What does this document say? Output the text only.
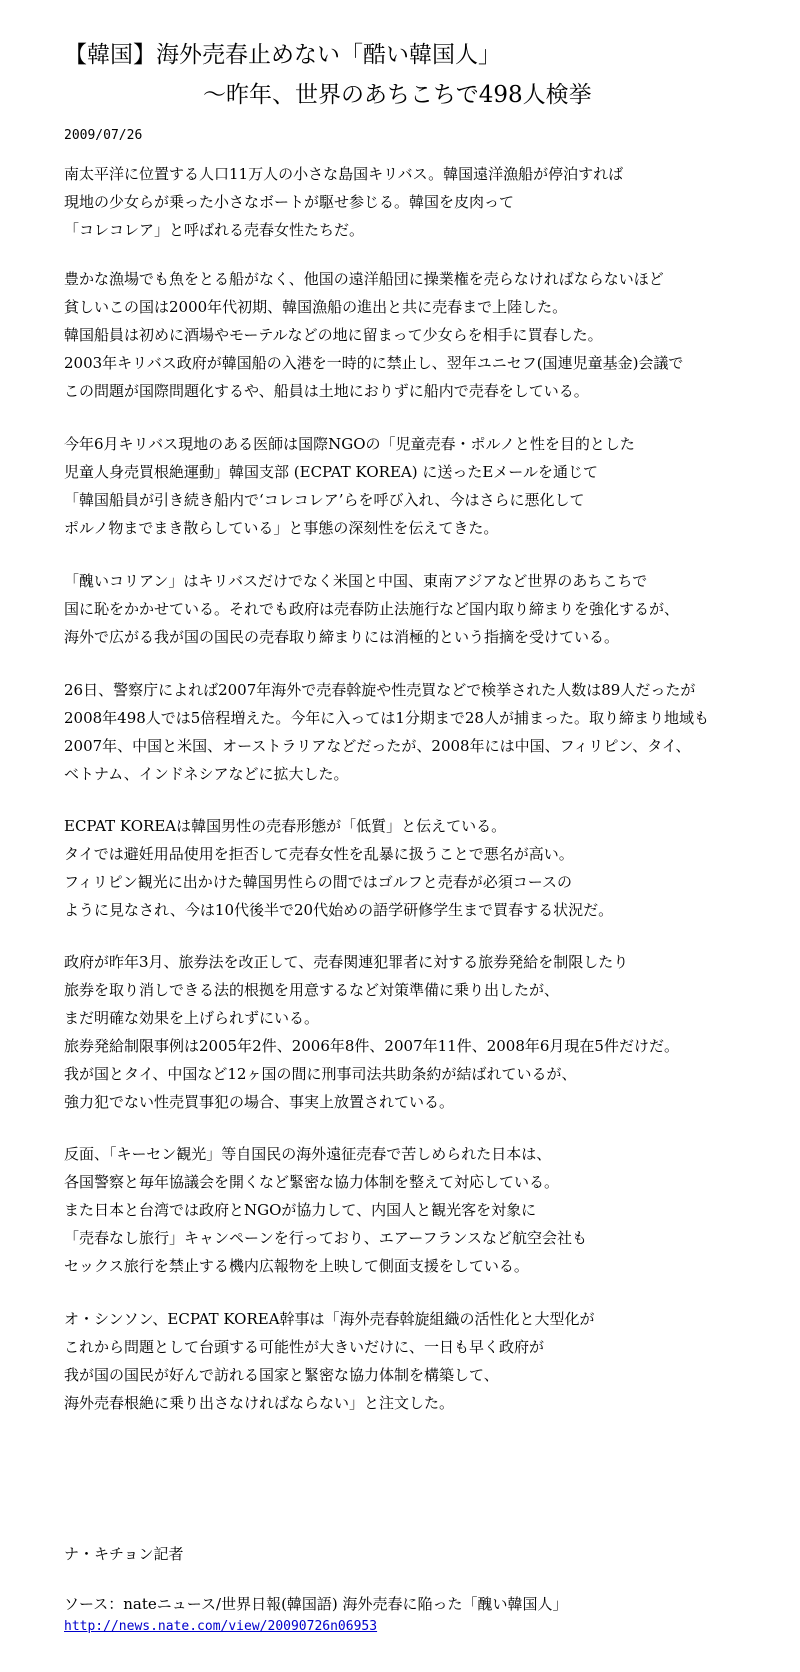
【韓国】海外売春止めない「酷い韓国人」
～昨年、世界のあちこちで498人検挙
2009/07/26
南太平洋に位置する人口11万人の小さな島国キリバス。韓国遠洋漁船が停泊すれば
現地の少女らが乗った小さなボートが駆せ参じる。韓国を皮肉って
「コレコレア」と呼ばれる売春女性たちだ。
豊かな漁場でも魚をとる船がなく、他国の遠洋船団に操業権を売らなければならないほど
貧しいこの国は2000年代初期、韓国漁船の進出と共に売春まで上陸した。
韓国船員は初めに酒場やモーテルなどの地に留まって少女らを相手に買春した。
2003年キリバス政府が韓国船の入港を一時的に禁止し、翌年ユニセフ(国連児童基金)会議で
この問題が国際問題化するや、船員は土地におりずに船内で売春をしている。
今年6月キリバス現地のある医師は国際NGOの「児童売春・ポルノと性を目的とした
児童人身売買根絶運動」韓国支部 (ECPAT KOREA) に送ったEメールを通じて
「韓国船員が引き続き船内で‘コレコレア’らを呼び入れ、今はさらに悪化して
ポルノ物までまき散らしている」と事態の深刻性を伝えてきた。
「醜いコリアン」はキリバスだけでなく米国と中国、東南アジアなど世界のあちこちで
国に恥をかかせている。それでも政府は売春防止法施行など国内取り締まりを強化するが、
海外で広がる我が国の国民の売春取り締まりには消極的という指摘を受けている。
26日、警察庁によれば2007年海外で売春斡旋や性売買などで検挙された人数は89人だったが
2008年498人では5倍程増えた。今年に入っては1分期まで28人が捕まった。取り締まり地域も
2007年、中国と米国、オーストラリアなどだったが、2008年には中国、フィリピン、タイ、
ベトナム、インドネシアなどに拡大した。
ECPAT KOREAは韓国男性の売春形態が「低質」と伝えている。
タイでは避妊用品使用を拒否して売春女性を乱暴に扱うことで悪名が高い。
フィリピン観光に出かけた韓国男性らの間ではゴルフと売春が必須コースの
ように見なされ、今は10代後半で20代始めの語学研修学生まで買春する状況だ。
政府が昨年3月、旅券法を改正して、売春関連犯罪者に対する旅券発給を制限したり
旅券を取り消しできる法的根拠を用意するなど対策準備に乗り出したが、
まだ明確な効果を上げられずにいる。
旅券発給制限事例は2005年2件、2006年8件、2007年11件、2008年6月現在5件だけだ。
我が国とタイ、中国など12ヶ国の間に刑事司法共助条約が結ばれているが、
強力犯でない性売買事犯の場合、事実上放置されている。
反面、「キーセン観光」等自国民の海外遠征売春で苦しめられた日本は、
各国警察と毎年協議会を開くなど緊密な協力体制を整えて対応している。
また日本と台湾では政府とNGOが協力して、内国人と観光客を対象に
「売春なし旅行」キャンペーンを行っており、エアーフランスなど航空会社も
セックス旅行を禁止する機内広報物を上映して側面支援をしている。
オ・シンソン、ECPAT KOREA幹事は「海外売春斡旋組織の活性化と大型化が
これから問題として台頭する可能性が大きいだけに、一日も早く政府が
我が国の国民が好んで訪れる国家と緊密な協力体制を構築して、
海外売春根絶に乗り出さなければならない」と注文した。
ナ・キチョン記者
ソース：nateニュース/世界日報(韓国語) 海外売春に陥った「醜い韓国人」
http://news.nate.com/view/20090726n06953
